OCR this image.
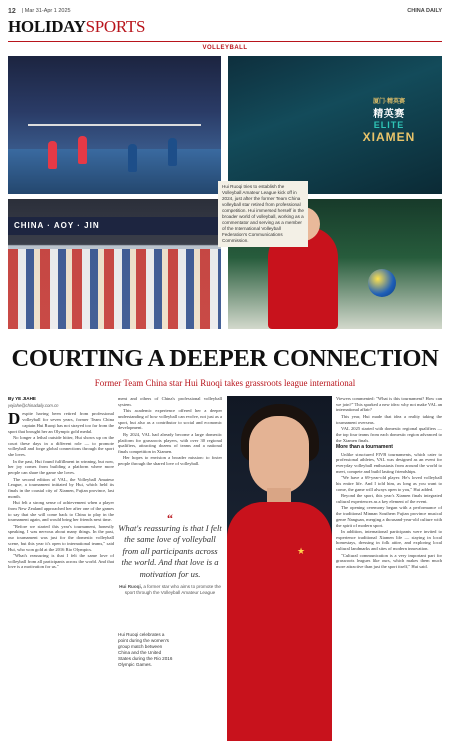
12 | Mar 31-Apr 1 2025	CHINA DAILY
HOLIDAY SPORTS
VOLLEYBALL
厦门·精英赛
精英赛
ELITE
XIAMEN
CHINA · AOY · JIN
Hui Ruoqi tries to establish the Volleyball Amateur League kick off in 2024, just after the former Team China volleyball star retired from professional competition. Hui immersed herself in the broader world of volleyball, working as a commentator and serving as a member of the International Volleyball Federation's Communications Commission.
COURTING A DEEPER CONNECTION
Former Team China star Hui Ruoqi takes grassroots league international
By YE JIAHE
yejiahe@chinadaily.com.cn

Despite having been retired from professional volleyball for seven years, former Team China captain Hui Ruoqi has not strayed too far from the sport that brought her an Olympic gold medal.

No longer a lethal outside hitter, Hui shows up on the court these days in a different role — to promote volleyball and forge global connections through the sport she loves.

In the past, Hui found fulfillment in winning, but now, her joy comes from building a platform where more people can share the game she loves.

The second edition of VAL, the Volleyball Amateur League, a tournament initiated by Hui, which held its finals in the coastal city of Xiamen, Fujian province, last month.

Hui felt a strong sense of achievement when a player from New Zealand approached her after one of the games to say that she will come back to China to play in the tournament again, and would bring her friends next time.

"Before we started this year's tournament, honestly speaking, I was nervous about many things. In the past, our tournament was just for the domestic volleyball scene, but this year it's open to international teams," said Hui, who won gold at the 2016 Rio Olympics.

"What's reassuring is that I felt the same love of volleyball from all participants across the world. And that love is a motivation for us."

ment and others of China's professional volleyball system.

This academic experience offered her a deeper understanding of how volleyball can evolve, not just as a sport, but also as a contributor to social and economic development.

By 2024, VAL had already become a large domestic platform for grassroots players, with over 30 regional qualifiers, attracting dozens of teams and a national finals competition in Xiamen.

Her hopes to envision a broader mission: to foster people through the shared love of volleyball.

“
What's reassuring is that I felt the same love of volleyball from all participants across the world. And that love is a motivation for us.
Hui Ruoqi, a former star who aims to promote the sport through the Volleyball Amateur League
Hui Ruoqi celebrates a point during the women's group match between China and the United States during the Rio 2016 Olympic Games.
★

Viewers commented: "What is this tournament? How can we join?" This sparked a new idea: why not make VAL an international affair?

This year, Hui made that idea a reality taking the tournament overseas.

VAL 2025 started with domestic regional qualifiers — the top four teams from each domestic region advanced to the Xiamen finals.

More than a tournament

Unlike structured FIVB tournaments, which cater to professional athletes, VAL was designed as an event for everyday volleyball enthusiasts from around the world to meet, compete and build lasting friendships.

"We have a 69-year-old player. He's loved volleyball his entire life. And I told him, as long as you want to come, the game will always open to you," Hui added.

Beyond the sport, this year's Xiamen finals integrated cultural experiences as a key element of the event.

The opening ceremony began with a performance of the traditional Minnan Southern Fujian province musical genre Nanguan, merging a thousand-year-old culture with the spirit of modern sport.

In addition, international participants were invited to experience traditional Xiamen life — staying in local homestays, dressing in folk attire, and exploring local cultural landmarks and sites of modern innovation.

"Cultural communication is a very important part for grassroots leagues like ours, which makes them much more attractive than just the sport itself," Hui said.
